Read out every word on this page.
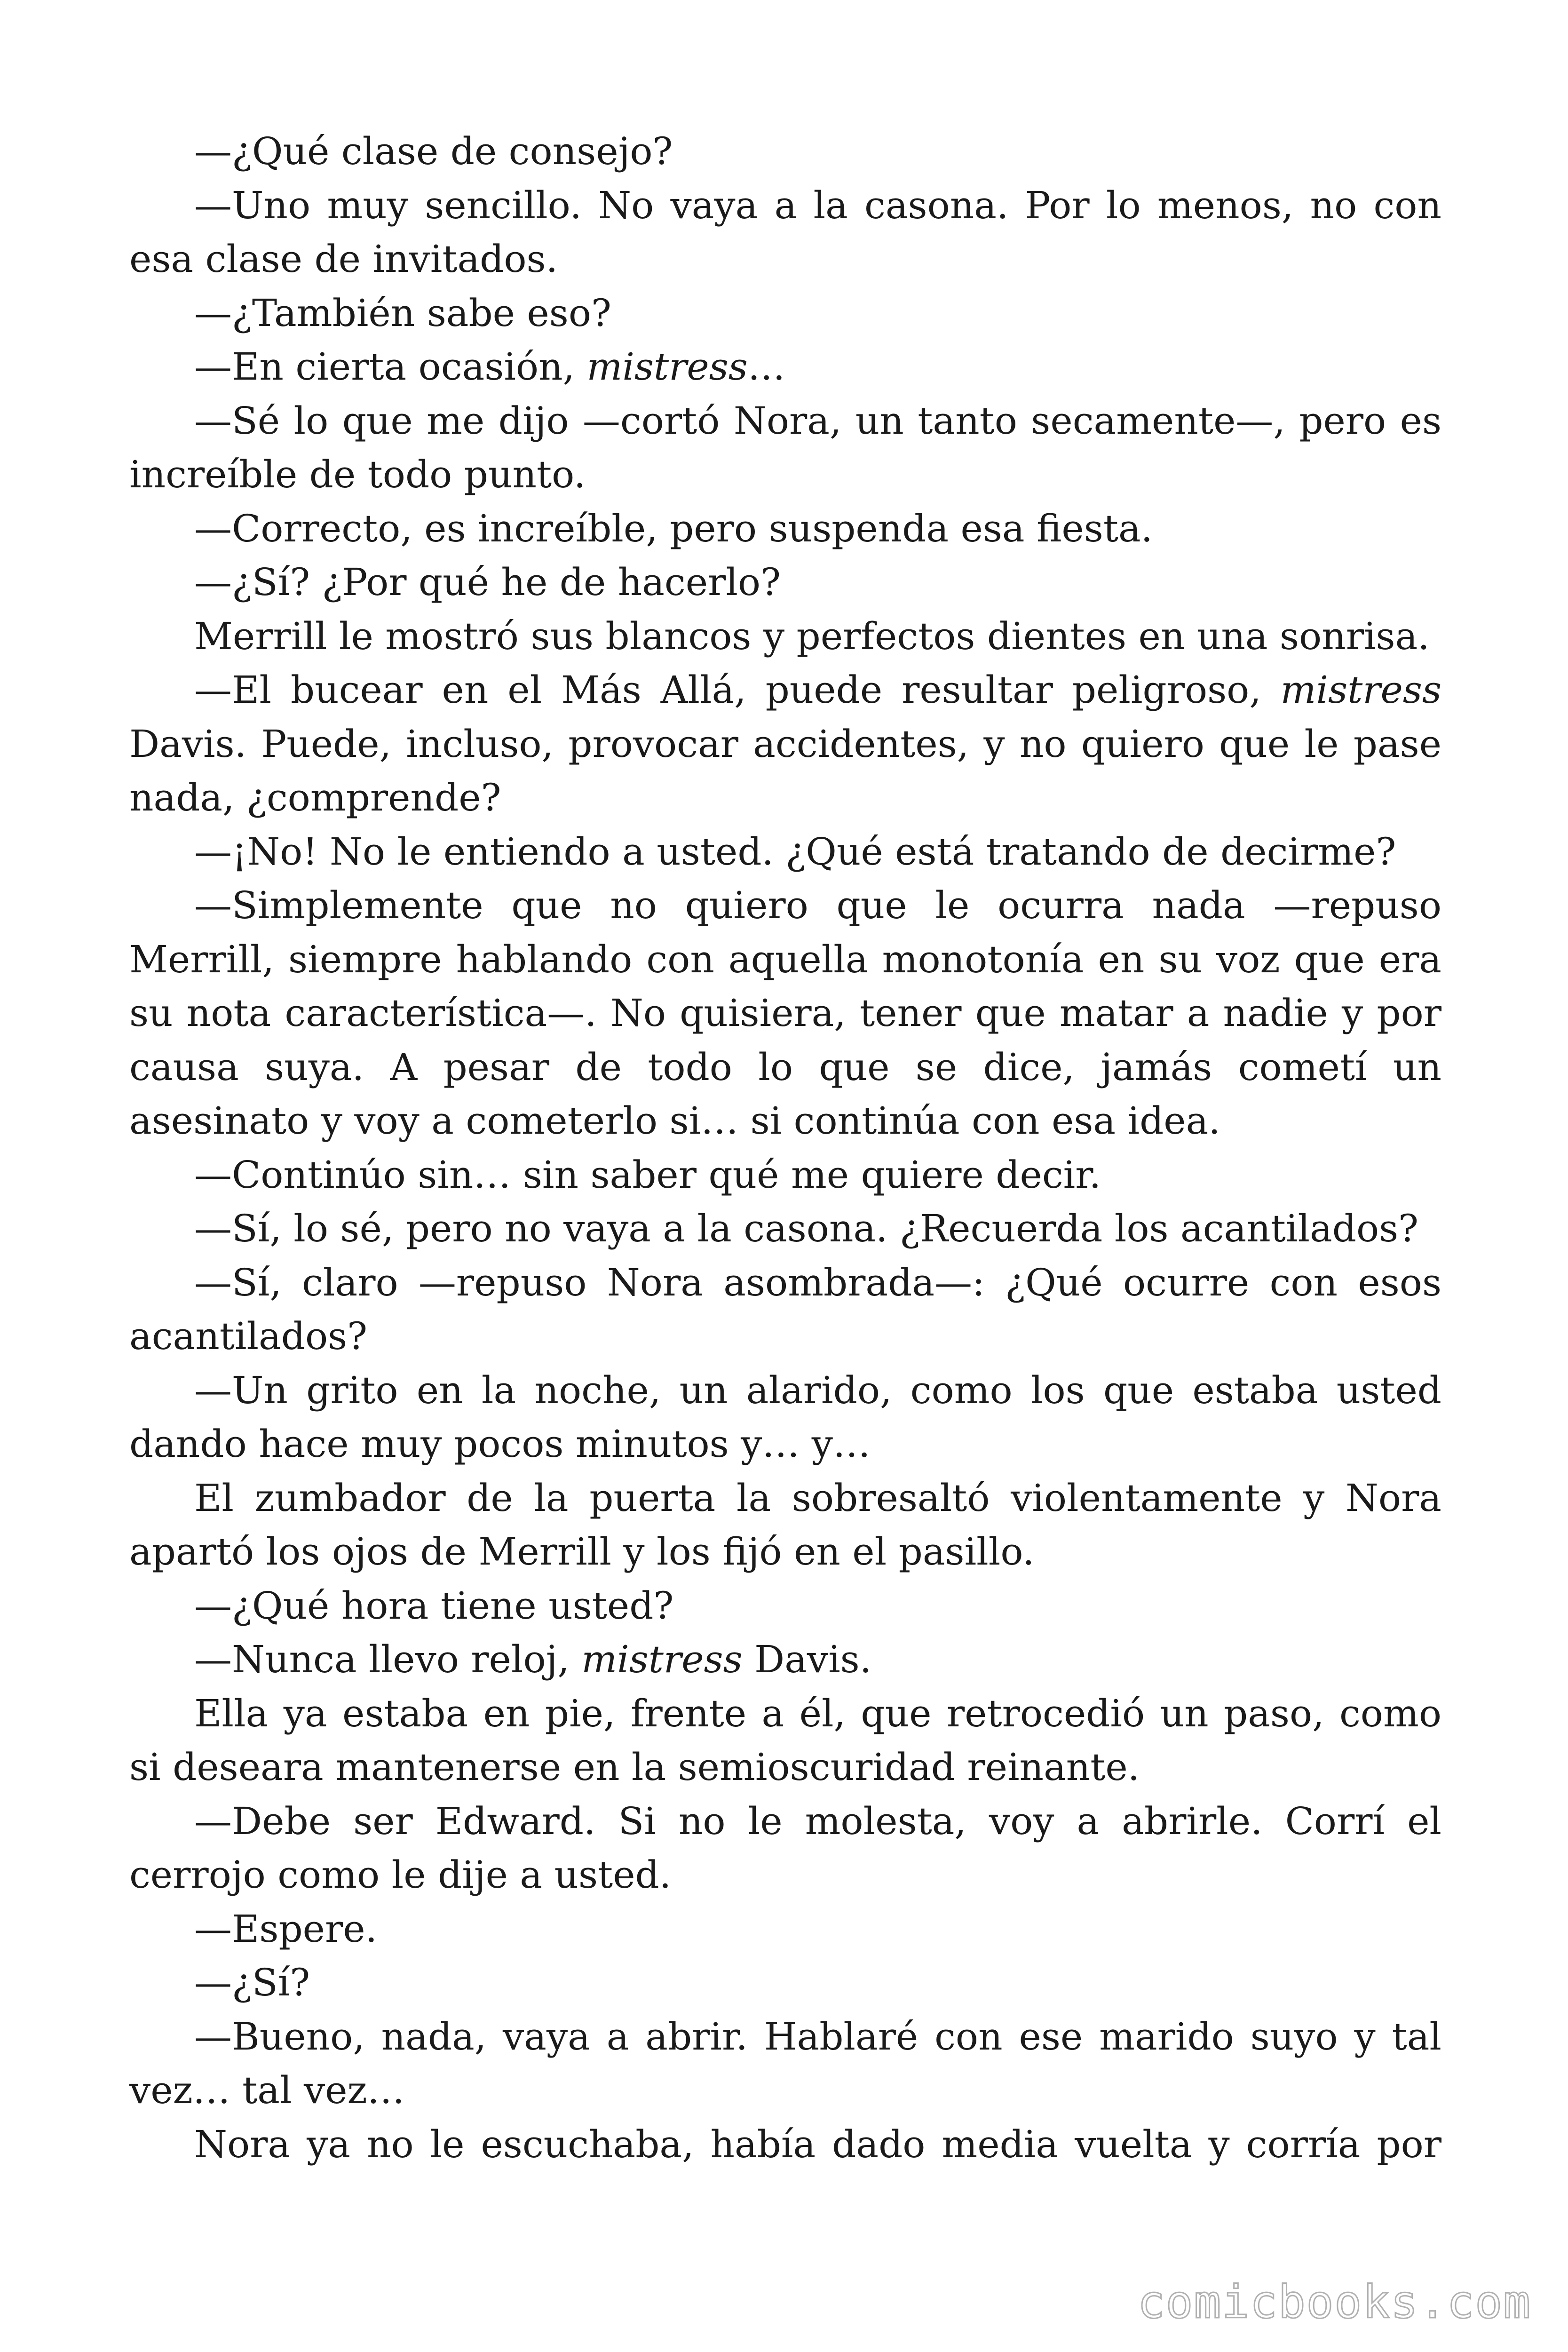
—¿Qué clase de consejo?

—Uno muy sencillo. No vaya a la casona. Por lo menos, no con esa clase de invitados.

—¿También sabe eso?

—En cierta ocasión, mistress…

—Sé lo que me dijo —cortó Nora, un tanto secamente—, pero es increíble de todo punto.

—Correcto, es increíble, pero suspenda esa fiesta.

—¿Sí? ¿Por qué he de hacerlo?

Merrill le mostró sus blancos y perfectos dientes en una sonrisa.

—El bucear en el Más Allá, puede resultar peligroso, mistress Davis. Puede, incluso, provocar accidentes, y no quiero que le pase nada, ¿comprende?

—¡No! No le entiendo a usted. ¿Qué está tratando de decirme?

—Simplemente que no quiero que le ocurra nada —repuso Merrill, siempre hablando con aquella monotonía en su voz que era su nota característica—. No quisiera, tener que matar a nadie y por causa suya. A pesar de todo lo que se dice, jamás cometí un asesinato y voy a cometerlo si… si continúa con esa idea.

—Continúo sin… sin saber qué me quiere decir.

—Sí, lo sé, pero no vaya a la casona. ¿Recuerda los acantilados?

—Sí, claro —repuso Nora asombrada—: ¿Qué ocurre con esos acantilados?

—Un grito en la noche, un alarido, como los que estaba usted dando hace muy pocos minutos y… y…

El zumbador de la puerta la sobresaltó violentamente y Nora apartó los ojos de Merrill y los fijó en el pasillo.

—¿Qué hora tiene usted?

—Nunca llevo reloj, mistress Davis.

Ella ya estaba en pie, frente a él, que retrocedió un paso, como si deseara mantenerse en la semioscuridad reinante.

—Debe ser Edward. Si no le molesta, voy a abrirle. Corrí el cerrojo como le dije a usted.

—Espere.

—¿Sí?

—Bueno, nada, vaya a abrir. Hablaré con ese marido suyo y tal vez… tal vez…

Nora ya no le escuchaba, había dado media vuelta y corría por

comicbooks.com
